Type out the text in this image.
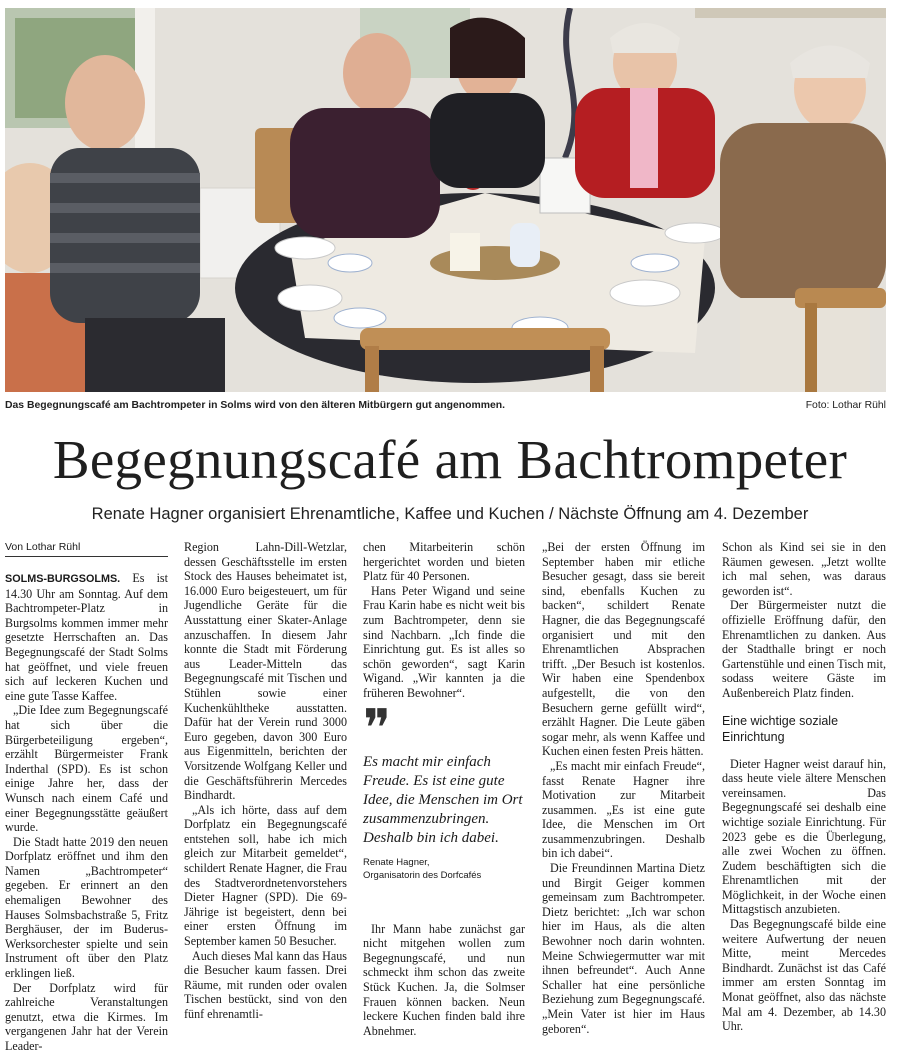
Das Begegnungscafé am Bachtrompeter in Solms wird von den älteren Mitbürgern gut angenommen.	Foto: Lothar Rühl
Begegnungscafé am Bachtrompeter
Renate Hagner organisiert Ehrenamtliche, Kaffee und Kuchen / Nächste Öffnung am 4. Dezember
Von Lothar Rühl

SOLMS-BURGSOLMS. Es ist 14.30 Uhr am Sonntag. Auf dem Bachtrompeter-Platz in Burgsolms kommen immer mehr gesetzte Herrschaften an. Das Begegnungscafé der Stadt Solms hat geöffnet, und viele freuen sich auf leckeren Kuchen und eine gute Tasse Kaffee.

„Die Idee zum Begegnungscafé hat sich über die Bürgerbeteiligung ergeben“, erzählt Bürgermeister Frank Inderthal (SPD). Es ist schon einige Jahre her, dass der Wunsch nach einem Café und einer Begegnungsstätte geäußert wurde.

Die Stadt hatte 2019 den neuen Dorfplatz eröffnet und ihm den Namen „Bachtrompeter“ gegeben. Er erinnert an den ehemaligen Bewohner des Hauses Solmsbachstraße 5, Fritz Berghäuser, der im Buderus-Werksorchester spielte und sein Instrument oft über den Platz erklingen ließ.

Der Dorfplatz wird für zahlreiche Veranstaltungen genutzt, etwa die Kirmes. Im vergangenen Jahr hat der Verein Leader-

Region Lahn-Dill-Wetzlar, dessen Geschäftsstelle im ersten Stock des Hauses beheimatet ist, 16.000 Euro beigesteuert, um für Jugendliche Geräte für die Ausstattung einer Skater-Anlage anzuschaffen. In diesem Jahr konnte die Stadt mit Förderung aus Leader-Mitteln das Begegnungscafé mit Tischen und Stühlen sowie einer Kuchenkühltheke ausstatten. Dafür hat der Verein rund 3000 Euro gegeben, davon 300 Euro aus Eigenmitteln, berichten der Vorsitzende Wolfgang Keller und die Geschäftsführerin Mercedes Bindhardt.

„Als ich hörte, dass auf dem Dorfplatz ein Begegnungscafé entstehen soll, habe ich mich gleich zur Mitarbeit gemeldet“, schildert Renate Hagner, die Frau des Stadtverordnetenvorstehers Dieter Hagner (SPD). Die 69-Jährige ist begeistert, denn bei einer ersten Öffnung im September kamen 50 Besucher.

Auch dieses Mal kann das Haus die Besucher kaum fassen. Drei Räume, mit runden oder ovalen Tischen bestückt, sind von den fünf ehrenamtli-

chen Mitarbeiterin schön hergerichtet worden und bieten Platz für 40 Personen.

Hans Peter Wigand und seine Frau Karin habe es nicht weit bis zum Bachtrompeter, denn sie sind Nachbarn. „Ich finde die Einrichtung gut. Es ist alles so schön geworden“, sagt Karin Wigand. „Wir kannten ja die früheren Bewohner“.

❞
Es macht mir einfach Freude. Es ist eine gute Idee, die Menschen im Ort zusammenzubringen. Deshalb bin ich dabei.
Renate Hagner,
Organisatorin des Dorfcafés

Ihr Mann habe zunächst gar nicht mitgehen wollen zum Begegnungscafé, und nun schmeckt ihm schon das zweite Stück Kuchen. Ja, die Solmser Frauen können backen. Neun leckere Kuchen finden bald ihre Abnehmer.

„Bei der ersten Öffnung im September haben mir etliche Besucher gesagt, dass sie bereit sind, ebenfalls Kuchen zu backen“, schildert Renate Hagner, die das Begegnungscafé organisiert und mit den Ehrenamtlichen Absprachen trifft. „Der Besuch ist kostenlos. Wir haben eine Spendenbox aufgestellt, die von den Besuchern gerne gefüllt wird“, erzählt Hagner. Die Leute gäben sogar mehr, als wenn Kaffee und Kuchen einen festen Preis hätten.

„Es macht mir einfach Freude“, fasst Renate Hagner ihre Motivation zur Mitarbeit zusammen. „Es ist eine gute Idee, die Menschen im Ort zusammenzubringen. Deshalb bin ich dabei“.

Die Freundinnen Martina Dietz und Birgit Geiger kommen gemeinsam zum Bachtrompeter. Dietz berichtet: „Ich war schon hier im Haus, als die alten Bewohner noch darin wohnten. Meine Schwiegermutter war mit ihnen befreundet“. Auch Anne Schaller hat eine persönliche Beziehung zum Begegnungscafé. „Mein Vater ist hier im Haus geboren“.

Schon als Kind sei sie in den Räumen gewesen. „Jetzt wollte ich mal sehen, was daraus geworden ist“.

Der Bürgermeister nutzt die offizielle Eröffnung dafür, den Ehrenamtlichen zu danken. Aus der Stadthalle bringt er noch Gartenstühle und einen Tisch mit, sodass weitere Gäste im Außenbereich Platz finden.

Eine wichtige soziale Einrichtung

Dieter Hagner weist darauf hin, dass heute viele ältere Menschen vereinsamen. Das Begegnungscafé sei deshalb eine wichtige soziale Einrichtung. Für 2023 gebe es die Überlegung, alle zwei Wochen zu öffnen. Zudem beschäftigten sich die Ehrenamtlichen mit der Möglichkeit, in der Woche einen Mittagstisch anzubieten.

Das Begegnungscafé bilde eine weitere Aufwertung der neuen Mitte, meint Mercedes Bindhardt. Zunächst ist das Café immer am ersten Sonntag im Monat geöffnet, also das nächste Mal am 4. Dezember, ab 14.30 Uhr.
